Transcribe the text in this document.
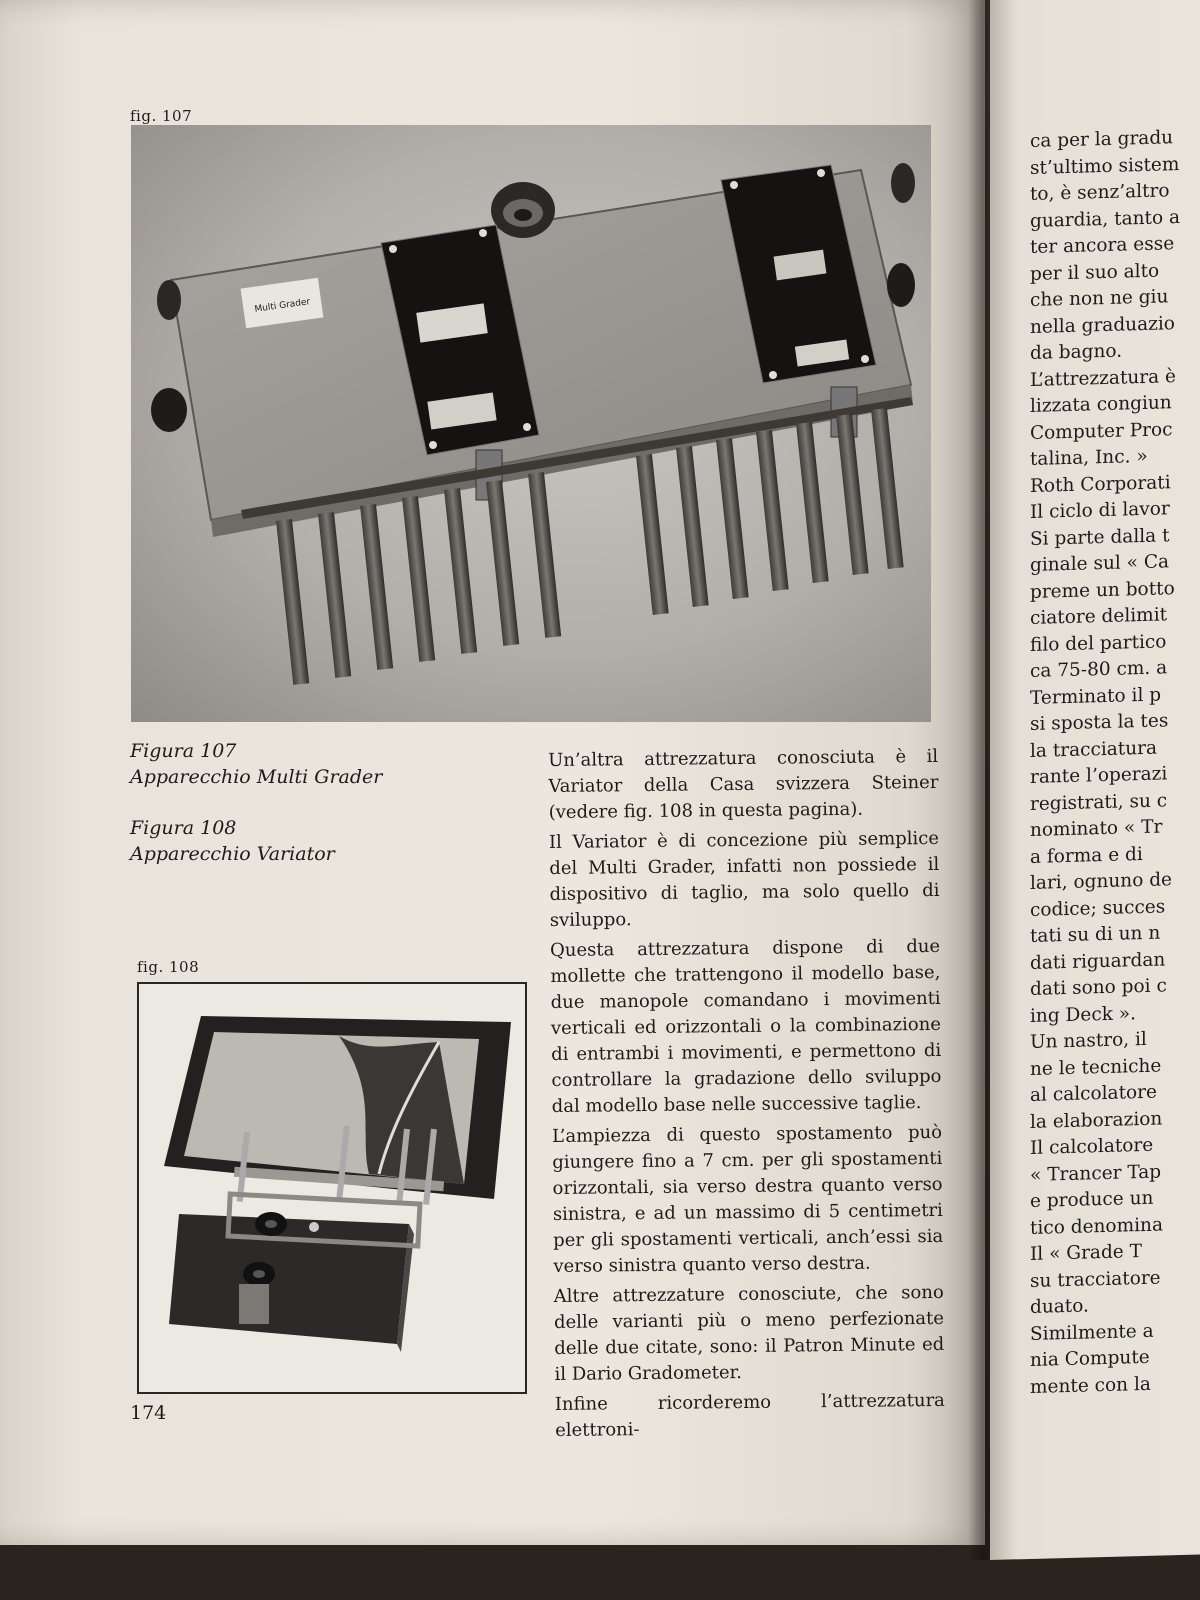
fig. 107
Multi Grader
Figura 107
Apparecchio Multi Grader
Figura 108
Apparecchio Variator
fig. 108

Un’altra attrezzatura conosciuta è il Variator della Casa svizzera Steiner (vedere fig. 108 in questa pagina).

Il Variator è di concezione più semplice del Multi Grader, infatti non possiede il dispositivo di taglio, ma solo quello di sviluppo.

Questa attrezzatura dispone di due mollette che trattengono il modello base, due manopole comandano i movimenti verticali ed orizzontali o la combinazione di entrambi i movimenti, e permettono di controllare la gradazione dello sviluppo dal modello base nelle successive taglie.

L’ampiezza di questo spostamento può giungere fino a 7 cm. per gli spostamenti orizzontali, sia verso destra quanto verso sinistra, e ad un massimo di 5 centimetri per gli spostamenti verticali, anch’essi sia verso sinistra quanto verso destra.

Altre attrezzature conosciute, che sono delle varianti più o meno perfezionate delle due citate, sono: il Patron Minute ed il Dario Gradometer.

Infine ricorderemo l’attrezzatura elettroni-

174
ca per la gradu
st’ultimo sistem
to, è senz’altro
guardia, tanto a
ter ancora esse
per il suo alto
che non ne giu
nella graduazio
da bagno.
L’attrezzatura è
lizzata congiun
Computer Proc
talina, Inc. »
Roth Corporati
Il ciclo di lavor
Si parte dalla t
ginale sul « Ca
preme un botto
ciatore delimit
filo del partico
ca 75-80 cm. a
Terminato il p
si sposta la tes
la tracciatura
rante l’operazi
registrati, su c
nominato « Tr
a forma e di
lari, ognuno de
codice; succes
tati su di un n
dati riguardan
dati sono poi c
ing Deck ».
Un nastro, il
ne le tecniche
al calcolatore
la elaborazion
Il calcolatore
« Trancer Tap
e produce un
tico denomina
Il « Grade T
su tracciatore
duato.
Similmente a
nia Compute
mente con la
